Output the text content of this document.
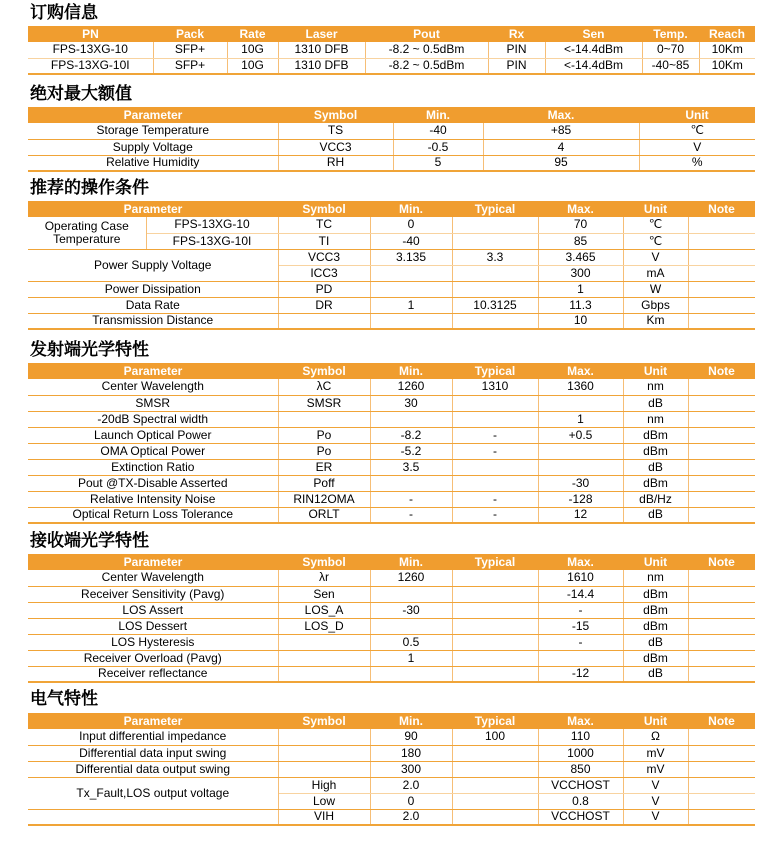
订购信息
PN	Pack	Rate	Laser	Pout	Rx	Sen	Temp.	Reach
FPS-13XG-10	SFP+	10G	1310 DFB	-8.2 ~ 0.5dBm	PIN	<-14.4dBm	0~70	10Km
FPS-13XG-10I	SFP+	10G	1310 DFB	-8.2 ~ 0.5dBm	PIN	<-14.4dBm	-40~85	10Km
绝对最大额值
Parameter	Symbol	Min.	Max.	Unit
Storage Temperature	TS	-40	+85	℃
Supply Voltage	VCC3	-0.5	4	V
Relative Humidity	RH	5	95	%
推荐的操作条件
Parameter		Symbol	Min.	Typical	Max.	Unit	Note
Operating Case Temperature	FPS-13XG-10	TC	0		70	℃	
	FPS-13XG-10I	TI	-40		85	℃	
Power Supply Voltage		VCC3	3.135	3.3	3.465	V	
		ICC3			300	mA	
Power Dissipation		PD			1	W	
Data Rate		DR	1	10.3125	11.3	Gbps	
Transmission Distance					10	Km	
发射端光学特性
Parameter	Symbol	Min.	Typical	Max.	Unit	Note
Center Wavelength	λC	1260	1310	1360	nm	
SMSR	SMSR	30			dB	
-20dB Spectral width				1	nm	
Launch Optical Power	Po	-8.2	-	+0.5	dBm	
OMA Optical Power	Po	-5.2	-		dBm	
Extinction Ratio	ER	3.5			dB	
Pout @TX-Disable Asserted	Poff			-30	dBm	
Relative Intensity Noise	RIN12OMA	-	-	-128	dB/Hz	
Optical Return Loss Tolerance	ORLT	-	-	12	dB	
接收端光学特性
Parameter	Symbol	Min.	Typical	Max.	Unit	Note
Center Wavelength	λr	1260		1610	nm	
Receiver Sensitivity (Pavg)	Sen			-14.4	dBm	
LOS Assert	LOS_A	-30		-	dBm	
LOS Dessert	LOS_D			-15	dBm	
LOS Hysteresis		0.5		-	dB	
Receiver Overload (Pavg)		1			dBm	
Receiver reflectance				-12	dB	
电气特性
Parameter	Symbol	Min.	Typical	Max.	Unit	Note
Input differential impedance		90	100	110	Ω	
Differential data input swing		180		1000	mV	
Differential data output swing		300		850	mV	
Tx_Fault,LOS output voltage	High	2.0		VCCHOST	V	
	Low	0		0.8	V	
	VIH	2.0		VCCHOST	V	
